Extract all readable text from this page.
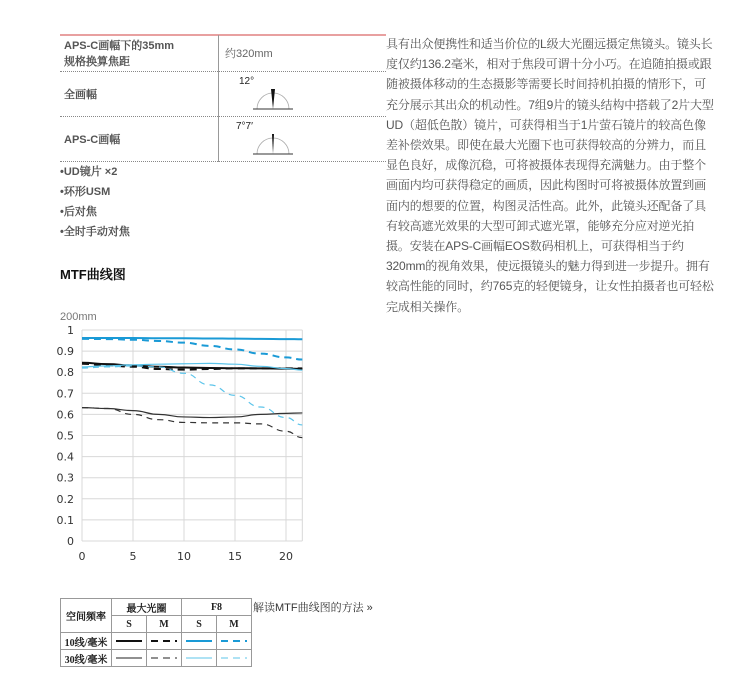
APS-C画幅下的35mm
规格换算焦距	约320mm
全画幅	12°

APS-C画幅	7°7′
•UD镜片 ×2
•环形USM
•后对焦
•全时手动对焦

具有出众便携性和适当价位的L级大光圈远摄定焦镜头。镜头长度仅约136.2毫米，相对于焦段可谓十分小巧。在追随拍摄或跟随被摄体移动的生态摄影等需要长时间持机拍摄的情形下，可充分展示其出众的机动性。7组9片的镜头结构中搭载了2片大型UD（超低色散）镜片，可获得相当于1片萤石镜片的较高色像差补偿效果。即使在最大光圈下也可获得较高的分辨力，而且显色良好，成像沉稳，可将被摄体表现得充满魅力。由于整个画面内均可获得稳定的画质，因此构图时可将被摄体放置到画面内的想要的位置，构图灵活性高。此外，此镜头还配备了具有较高遮光效果的大型可卸式遮光罩，能够充分应对逆光拍摄。安装在APS-C画幅EOS数码相机上，可获得相当于约320mm的视角效果，使远摄镜头的魅力得到进一步提升。拥有较高性能的同时，约765克的轻便镜身，让女性拍摄者也可轻松完成相关操作。

MTF曲线图
200mm
0
0.1
0.2
0.3
0.4
0.5
0.6
0.7
0.8
0.9
1
0	5	10	15	20
空间频率	最大光圈		F8	
	S	M	S	M
10线/毫米				
30线/毫米				
解读MTF曲线图的方法 »
